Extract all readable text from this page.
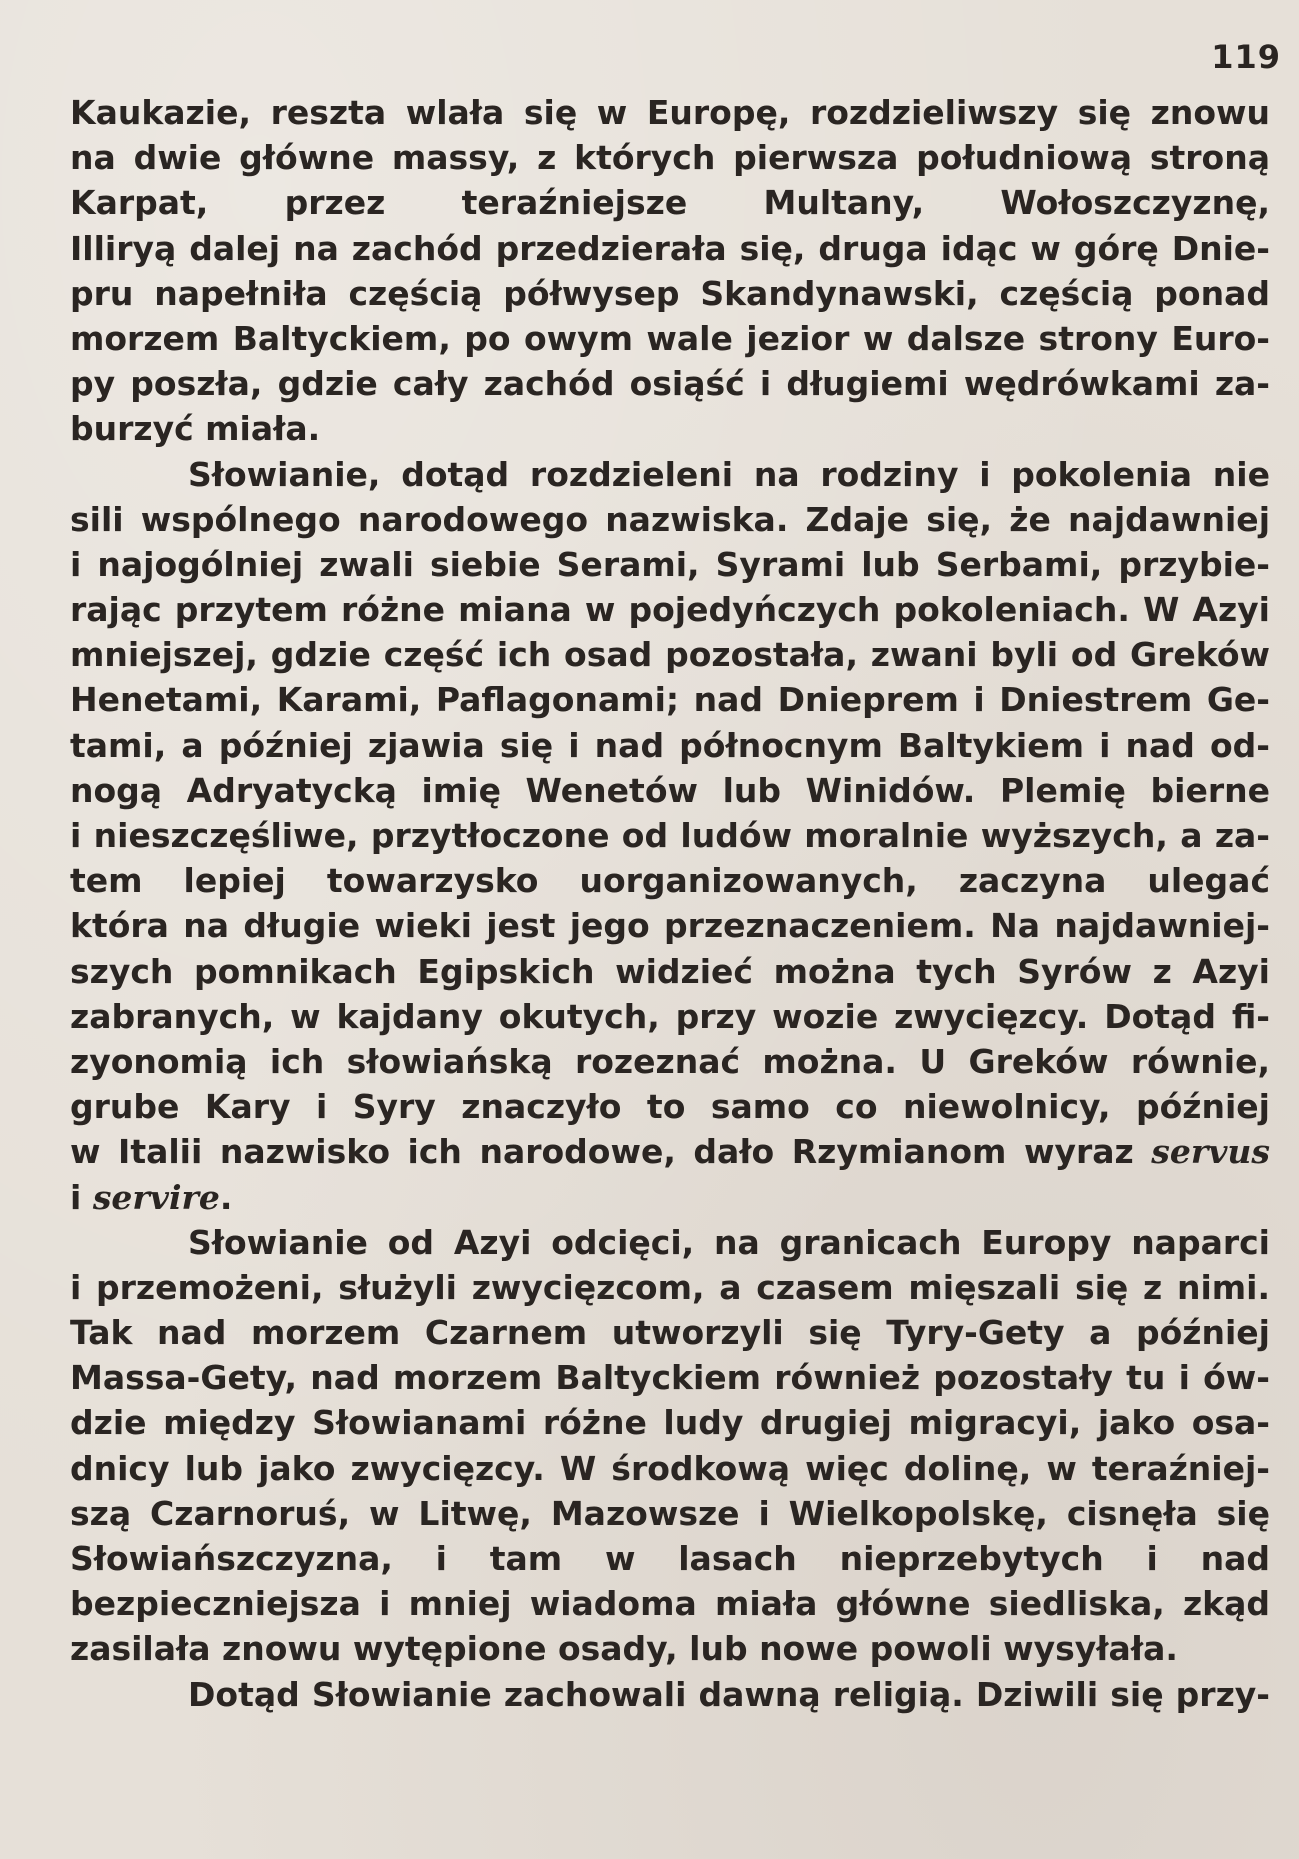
119
Kaukazie, reszta wlała się w Europę, rozdzieliwszy się znowu
na dwie główne massy, z których pierwsza południową stroną
Karpat, przez teraźniejsze Multany, Wołoszczyznę,
Illiryą dalej na zachód przedzierała się, druga idąc w górę Dnie-
pru napełniła częścią półwysep Skandynawski, częścią ponad
morzem Baltyckiem, po owym wale jezior w dalsze strony Euro-
py poszła, gdzie cały zachód osiąść i długiemi wędrówkami za-
burzyć miała.
Słowianie, dotąd rozdzieleni na rodziny i pokolenia nie
sili wspólnego narodowego nazwiska. Zdaje się, że najdawniej
i najogólniej zwali siebie Serami, Syrami lub Serbami, przybie-
rając przytem różne miana w pojedyńczych pokoleniach. W Azyi
mniejszej, gdzie część ich osad pozostała, zwani byli od Greków
Henetami, Karami, Paflagonami; nad Dnieprem i Dniestrem Ge-
tami, a później zjawia się i nad północnym Baltykiem i nad od-
nogą Adryatycką imię Wenetów lub Winidów. Plemię bierne
i nieszczęśliwe, przytłoczone od ludów moralnie wyższych, a za-
tem lepiej towarzysko uorganizowanych, zaczyna ulegać
która na długie wieki jest jego przeznaczeniem. Na najdawniej-
szych pomnikach Egipskich widzieć można tych Syrów z Azyi
zabranych, w kajdany okutych, przy wozie zwycięzcy. Dotąd fi-
zyonomią ich słowiańską rozeznać można. U Greków równie,
grube Kary i Syry znaczyło to samo co niewolnicy, później
w Italii nazwisko ich narodowe, dało Rzymianom wyraz servus
i servire.
Słowianie od Azyi odcięci, na granicach Europy naparci
i przemożeni, służyli zwycięzcom, a czasem mięszali się z nimi.
Tak nad morzem Czarnem utworzyli się Tyry-Gety a później
Massa-Gety, nad morzem Baltyckiem również pozostały tu i ów-
dzie między Słowianami różne ludy drugiej migracyi, jako osa-
dnicy lub jako zwycięzcy. W środkową więc dolinę, w teraźniej-
szą Czarnoruś, w Litwę, Mazowsze i Wielkopolskę, cisnęła się
Słowiańszczyzna, i tam w lasach nieprzebytych i nad
bezpieczniejsza i mniej wiadoma miała główne siedliska, zkąd
zasilała znowu wytępione osady, lub nowe powoli wysyłała.
Dotąd Słowianie zachowali dawną religią. Dziwili się przy-
